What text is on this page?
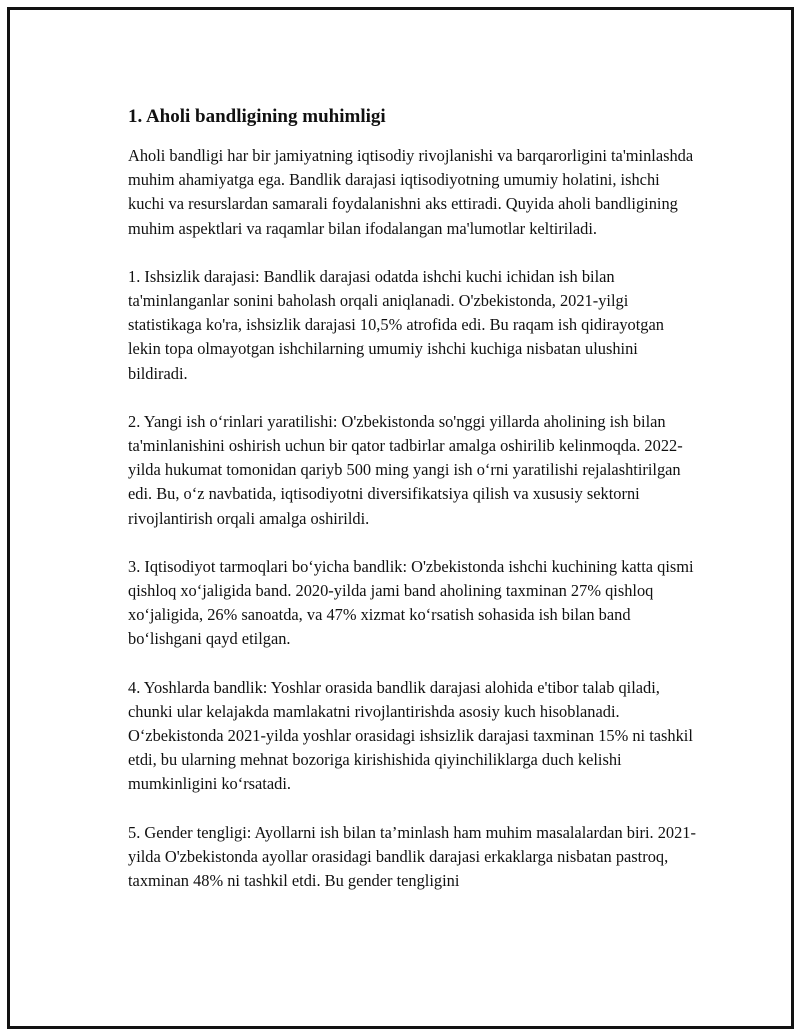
1. Aholi bandligining muhimligi

Aholi bandligi har bir jamiyatning iqtisodiy rivojlanishi va barqarorligini ta'minlashda muhim ahamiyatga ega. Bandlik darajasi iqtisodiyotning umumiy holatini, ishchi kuchi va resurslardan samarali foydalanishni aks ettiradi. Quyida aholi bandligining muhim aspektlari va raqamlar bilan ifodalangan ma'lumotlar keltiriladi.

1. Ishsizlik darajasi: Bandlik darajasi odatda ishchi kuchi ichidan ish bilan ta'minlanganlar sonini baholash orqali aniqlanadi. O'zbekistonda, 2021-yilgi statistikaga ko'ra, ishsizlik darajasi 10,5% atrofida edi. Bu raqam ish qidirayotgan lekin topa olmayotgan ishchilarning umumiy ishchi kuchiga nisbatan ulushini bildiradi.

2. Yangi ish o‘rinlari yaratilishi: O'zbekistonda so'nggi yillarda aholining ish bilan ta'minlanishini oshirish uchun bir qator tadbirlar amalga oshirilib kelinmoqda. 2022-yilda hukumat tomonidan qariyb 500 ming yangi ish o‘rni yaratilishi rejalashtirilgan edi. Bu, o‘z navbatida, iqtisodiyotni diversifikatsiya qilish va xususiy sektorni rivojlantirish orqali amalga oshirildi.

3. Iqtisodiyot tarmoqlari bo‘yicha bandlik: O'zbekistonda ishchi kuchining katta qismi qishloq xo‘jaligida band. 2020-yilda jami band aholining taxminan 27% qishloq xo‘jaligida, 26% sanoatda, va 47% xizmat ko‘rsatish sohasida ish bilan band bo‘lishgani qayd etilgan.

4. Yoshlarda bandlik: Yoshlar orasida bandlik darajasi alohida e'tibor talab qiladi, chunki ular kelajakda mamlakatni rivojlantirishda asosiy kuch hisoblanadi. O‘zbekistonda 2021-yilda yoshlar orasidagi ishsizlik darajasi taxminan 15% ni tashkil etdi, bu ularning mehnat bozoriga kirishishida qiyinchiliklarga duch kelishi mumkinligini ko‘rsatadi.

5. Gender tengligi: Ayollarni ish bilan ta’minlash ham muhim masalalardan biri. 2021-yilda O'zbekistonda ayollar orasidagi bandlik darajasi erkaklarga nisbatan pastroq, taxminan 48% ni tashkil etdi. Bu gender tengligini
